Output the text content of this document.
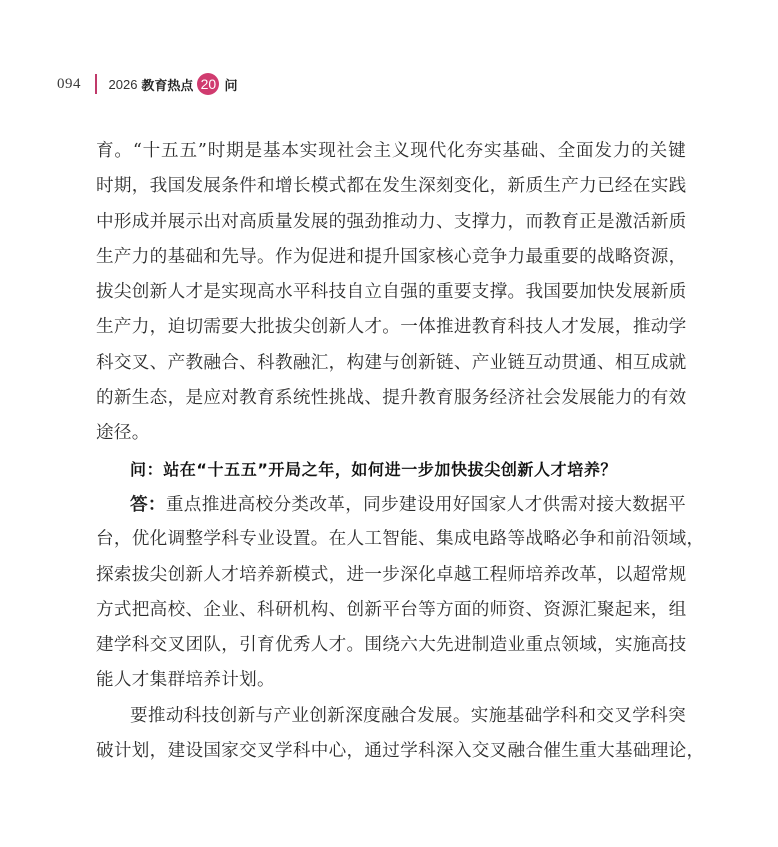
094 2026 教育热点 20 问
育。“十五五”时期是基本实现社会主义现代化夯实基础、全面发力的关键
时期，我国发展条件和增长模式都在发生深刻变化，新质生产力已经在实践
中形成并展示出对高质量发展的强劲推动力、支撑力，而教育正是激活新质
生产力的基础和先导。作为促进和提升国家核心竞争力最重要的战略资源，
拔尖创新人才是实现高水平科技自立自强的重要支撑。我国要加快发展新质
生产力，迫切需要大批拔尖创新人才。一体推进教育科技人才发展，推动学
科交叉、产教融合、科教融汇，构建与创新链、产业链互动贯通、相互成就
的新生态，是应对教育系统性挑战、提升教育服务经济社会发展能力的有效
途径。
问：站在“十五五”开局之年，如何进一步加快拔尖创新人才培养？
答：重点推进高校分类改革，同步建设用好国家人才供需对接大数据平
台，优化调整学科专业设置。在人工智能、集成电路等战略必争和前沿领域，
探索拔尖创新人才培养新模式，进一步深化卓越工程师培养改革，以超常规
方式把高校、企业、科研机构、创新平台等方面的师资、资源汇聚起来，组
建学科交叉团队，引育优秀人才。围绕六大先进制造业重点领域，实施高技
能人才集群培养计划。
要推动科技创新与产业创新深度融合发展。实施基础学科和交叉学科突
破计划，建设国家交叉学科中心，通过学科深入交叉融合催生重大基础理论，
